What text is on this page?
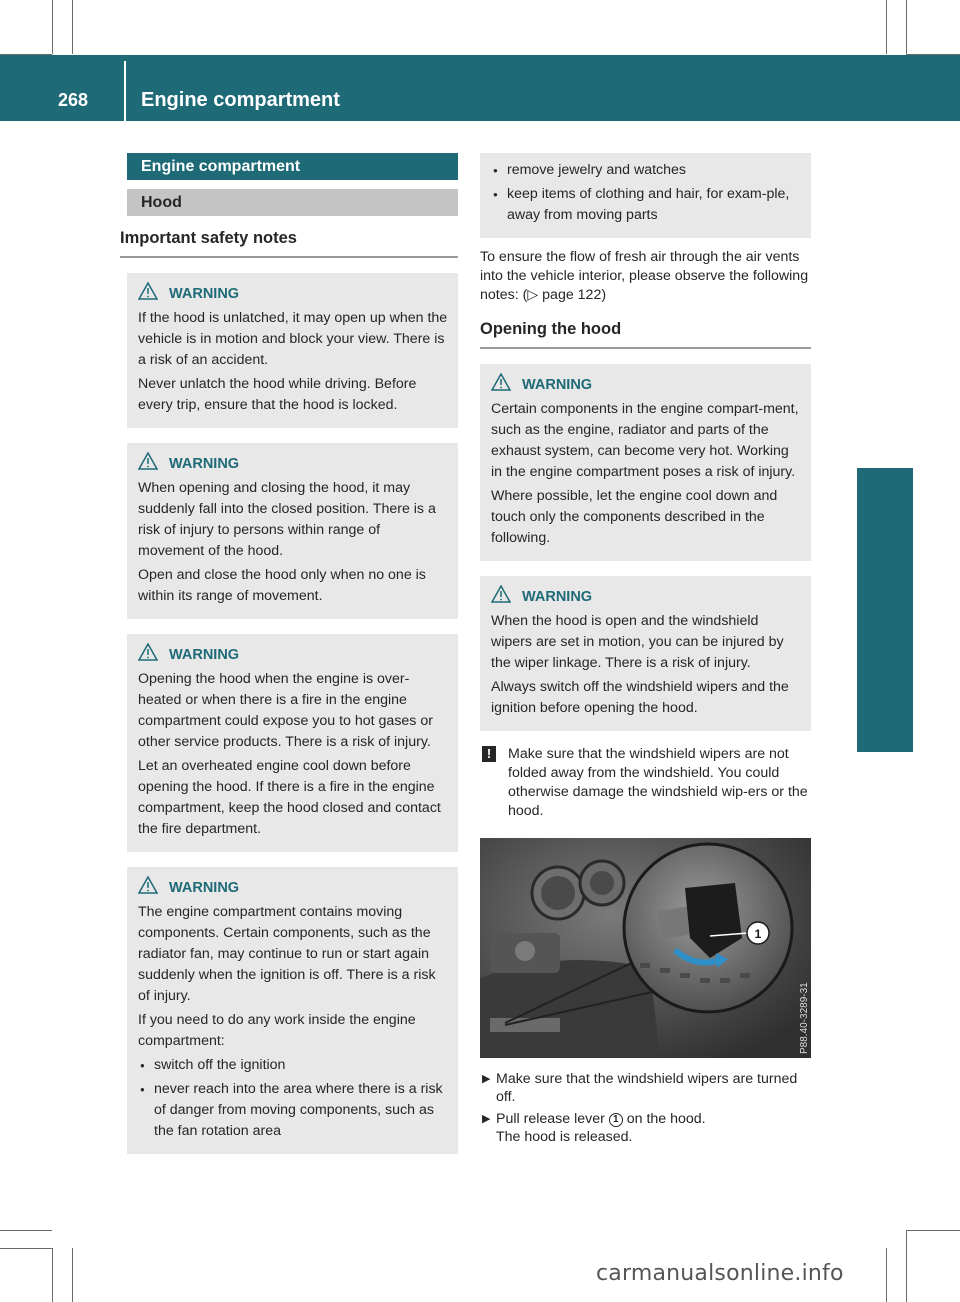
268	Engine compartment
Maintenance and care
Engine compartment
Hood
Important safety notes
WARNING

If the hood is unlatched, it may open up when the vehicle is in motion and block your view. There is a risk of an accident.

Never unlatch the hood while driving. Before every trip, ensure that the hood is locked.

WARNING

When opening and closing the hood, it may suddenly fall into the closed position. There is a risk of injury to persons within range of movement of the hood.

Open and close the hood only when no one is within its range of movement.

WARNING

Opening the hood when the engine is over-heated or when there is a fire in the engine compartment could expose you to hot gases or other service products. There is a risk of injury.

Let an overheated engine cool down before opening the hood. If there is a fire in the engine compartment, keep the hood closed and contact the fire department.

WARNING

The engine compartment contains moving components. Certain components, such as the radiator fan, may continue to run or start again suddenly when the ignition is off. There is a risk of injury.

If you need to do any work inside the engine compartment:

● switch off the ignition
● never reach into the area where there is a risk of danger from moving components, such as the fan rotation area
● remove jewelry and watches
● keep items of clothing and hair, for exam-ple, away from moving parts

To ensure the flow of fresh air through the air vents into the vehicle interior, please observe the following notes: (▷ page 122)

Opening the hood
WARNING

Certain components in the engine compart-ment, such as the engine, radiator and parts of the exhaust system, can become very hot. Working in the engine compartment poses a risk of injury.

Where possible, let the engine cool down and touch only the components described in the following.

WARNING

When the hood is open and the windshield wipers are set in motion, you can be injured by the wiper linkage. There is a risk of injury.

Always switch off the windshield wipers and the ignition before opening the hood.

!	Make sure that the windshield wipers are not folded away from the windshield. You could otherwise damage the windshield wip-ers or the hood.
1
P88.40-3289-31
▶ Make sure that the windshield wipers are turned off.
▶ Pull release lever 1 on the hood.
The hood is released.
carmanualsonline.info
